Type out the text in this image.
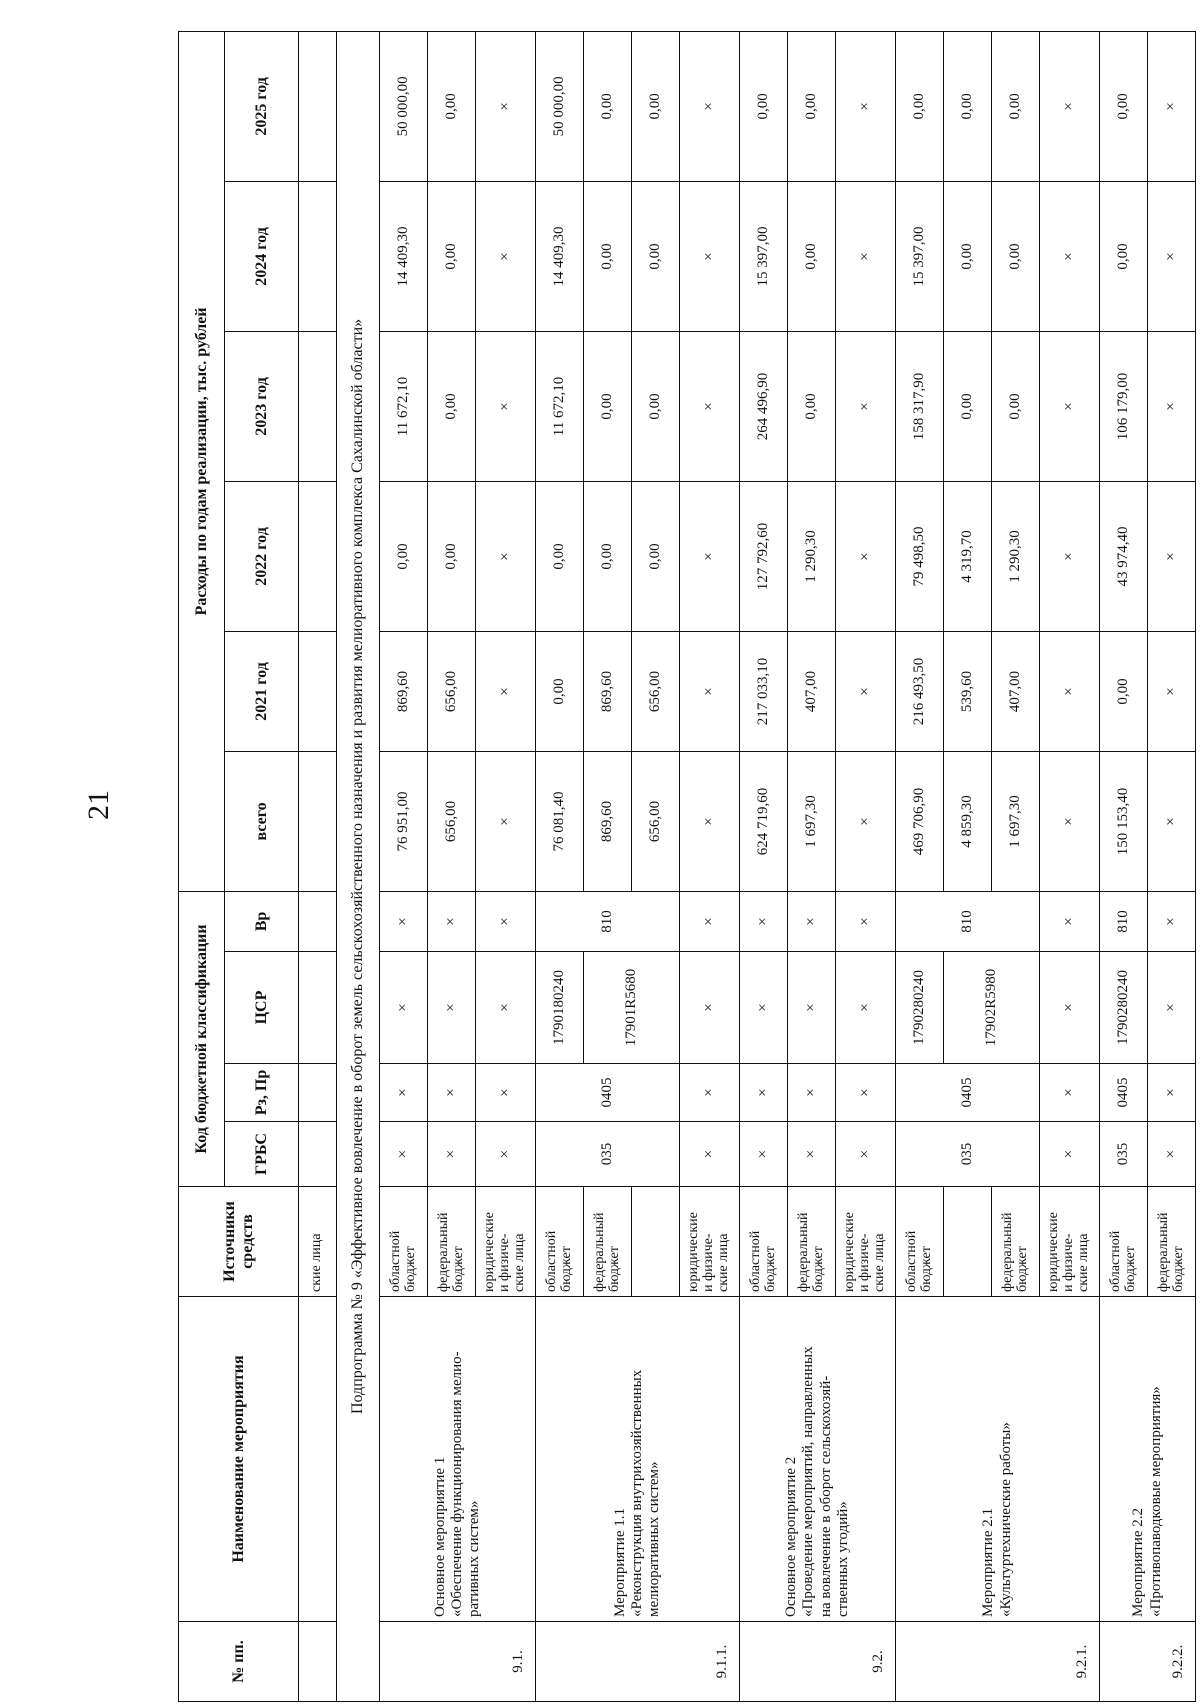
21
№ пп.	Наименование мероприятия	Источники средств	Код бюджетной классификации				Расходы по годам реализации, тыс. рублей					
			ГРБС	Рз, Пр	ЦСР	Вр	всего	2021 год	2022 год	2023 год	2024 год	2025 год
		ские лица										
Подпрограмма № 9 «Эффективное вовлечение в оборот земель сельскохозяйственного назначения и развития мелиоративного комплекса Сахалинской области»												
9.1.	Основное мероприятие 1 «Обеспечение функционирования мелио- ративных систем»	областной бюджет	×	×	×	×	76 951,00	869,60	0,00	11 672,10	14 409,30	50 000,00

		федеральный бюджет	×	×	×	×	656,00	656,00	0,00	0,00	0,00	0,00

		юридические и физиче- ские лица	×	×	×	×	×	×	×	×	×	×
9.1.1.	Мероприятие 1.1 «Реконструкция внутрихозяйственных мелиоративных систем»	областной бюджет	035	0405	1790180240	810	76 081,40	0,00	0,00	11 672,10	14 409,30	50 000,00

		федеральный бюджет			17901R5680		869,60	869,60	0,00	0,00	0,00	0,00
							656,00	656,00	0,00	0,00	0,00	0,00

		юридические и физиче- ские лица	×	×	×	×	×	×	×	×	×	×
9.2.	Основное мероприятие 2 «Проведение мероприятий, направленных на вовлечение в оборот сельскохозяй- ственных угодий»	областной бюджет	×	×	×	×	624 719,60	217 033,10	127 792,60	264 496,90	15 397,00	0,00

		федеральный бюджет	×	×	×	×	1 697,30	407,00	1 290,30	0,00	0,00	0,00

		юридические и физиче- ские лица	×	×	×	×	×	×	×	×	×	×
9.2.1.	Мероприятие 2.1 «Культуртехнические работы»	областной бюджет	035	0405	1790280240	810	469 706,90	216 493,50	79 498,50	158 317,90	15 397,00	0,00
					17902R5980		4 859,30	539,60	4 319,70	0,00	0,00	0,00

		федеральный бюджет					1 697,30	407,00	1 290,30	0,00	0,00	0,00

		юридические и физиче- ские лица	×	×	×	×	×	×	×	×	×	×
9.2.2.	Мероприятие 2.2 «Противопаводковые мероприятия»	областной бюджет	035	0405	1790280240	810	150 153,40	0,00	43 974,40	106 179,00	0,00	0,00

		федеральный бюджет	×	×	×	×	×	×	×	×	×	×
